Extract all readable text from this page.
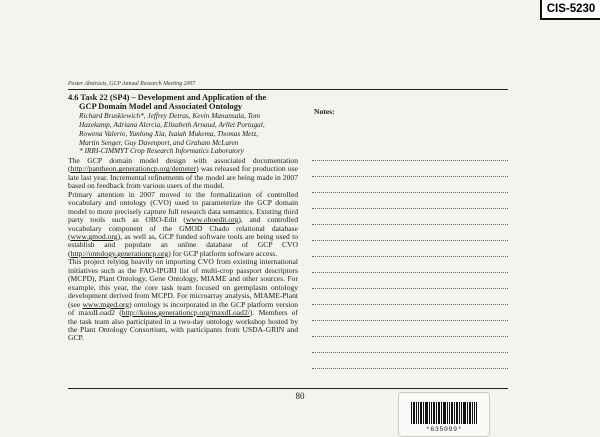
CIS-5230
Poster Abstracts, GCP Annual Research Meeting 2007

4.6 Task 22 (SP4) – Development and Application of the
GCP Domain Model and Associated Ontology

Richard Bruskiewich*, Jeffrey Detras, Kevin Manansala, Tom
Hazekamp, Adriana Alercia, Elizabeth Arnaud, Arllet Portugal,
Rowena Valerio, Yunlong Xia, Isaiah Mukema, Thomas Metz,
Martin Senger, Guy Davenport, and Graham McLaren

* IRRI-CIMMYT Crop Research Informatics Laboratory

The GCP domain model design with associated documentation (http://pantheon.generationcp.org/demeter) was released for production use late last year. Incremental refinements of the model are being made in 2007 based on feedback from various users of the model.

Primary attention in 2007 moved to the formalization of controlled vocabulary and ontology (CVO) used to parameterize the GCP domain model to more precisely capture full research data semantics. Existing third party tools such as OBO-Edit (www.oboedit.org), and controlled vocabulary component of the GMOD Chado relational database (www.gmod.org), as well as, GCP funded software tools are being used to establish and populate an online database of GCP CVO (http://ontology.generationcp.org) for GCP platform software access.

This project relying heavily on importing CVO from existing international initiatives such as the FAO-IPGRI list of multi-crop passport descriptors (MCPD), Plant Ontology, Gene Ontology, MIAME and other sources. For example, this year, the core task team focused on germplasm ontology development derived from MCPD. For microarray analysis, MIAME-Plant (see www.mged.org) ontology is incorporated in the GCP platform version of maxdLoad2 (http://koios.generationcp.org/maxdLoad2/). Members of the task team also participated in a two-day ontology workshop hosted by the Plant Ontology Consortium, with participants from USDA-GRIN and GCP.

Notes:

80
*635099*
